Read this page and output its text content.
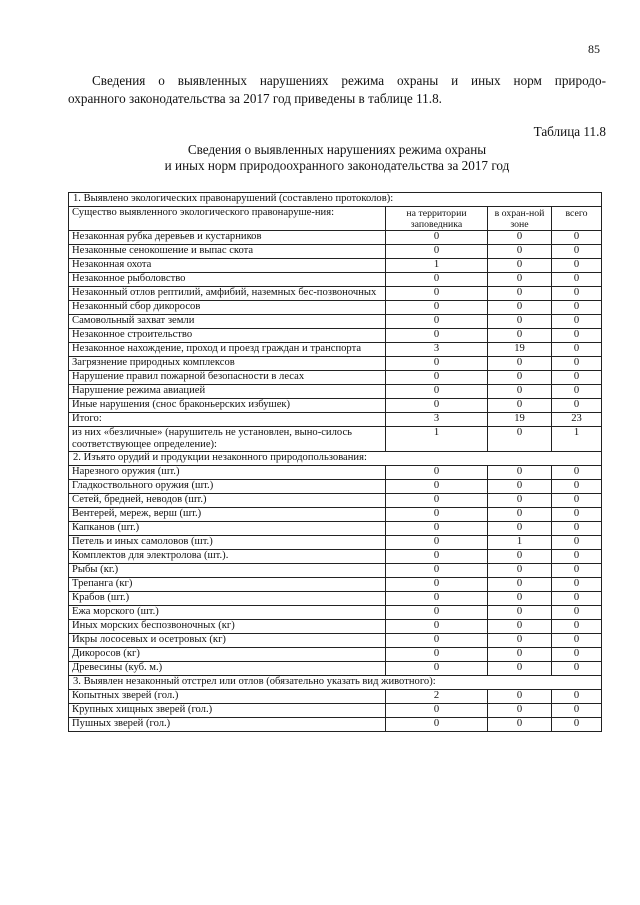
85
Сведения о выявленных нарушениях режима охраны и иных норм природо-
охранного законодательства за 2017 год приведены в таблице 11.8.
Таблица 11.8
Сведения о выявленных нарушениях режима охраны
и иных норм природоохранного законодательства за 2017 год
1. Выявлено экологических правонарушений (составлено протоколов):			
Существо выявленного экологического правонаруше-ния:	на территории заповедника	в охран-ной зоне	всего
Незаконная рубка деревьев и кустарников	0	0	0
Незаконные сенокошение и выпас скота	0	0	0
Незаконная охота	1	0	0
Незаконное рыболовство	0	0	0
Незаконный отлов рептилий, амфибий, наземных бес-позвоночных	0	0	0
Незаконный сбор дикоросов	0	0	0
Самовольный захват земли	0	0	0
Незаконное строительство	0	0	0
Незаконное нахождение, проход и проезд граждан и транспорта	3	19	0
Загрязнение природных комплексов	0	0	0
Нарушение правил пожарной безопасности в лесах	0	0	0
Нарушение режима авиацией	0	0	0
Иные нарушения (снос браконьерских избушек)	0	0	0
Итого:	3	19	23
из них «безличные» (нарушитель не установлен, выно-силось соответствующее определение):	1	0	1
2. Изъято орудий и продукции незаконного природопользования:			
Нарезного оружия (шт.)	0	0	0
Гладкоствольного оружия (шт.)	0	0	0
Сетей, бредней, неводов (шт.)	0	0	0
Вентерей, мереж, верш (шт.)	0	0	0
Капканов (шт.)	0	0	0
Петель и иных самоловов (шт.)	0	1	0
Комплектов для электролова (шт.).	0	0	0
Рыбы (кг.)	0	0	0
Трепанга (кг)	0	0	0
Крабов (шт.)	0	0	0
Ежа морского (шт.)	0	0	0
Иных морских беспозвоночных (кг)	0	0	0
Икры лососевых и осетровых (кг)	0	0	0
Дикоросов (кг)	0	0	0
Древесины (куб. м.)	0	0	0
3. Выявлен незаконный отстрел или отлов (обязательно указать вид животного):			
Копытных зверей (гол.)	2	0	0
Крупных хищных зверей (гол.)	0	0	0
Пушных зверей (гол.)	0	0	0
